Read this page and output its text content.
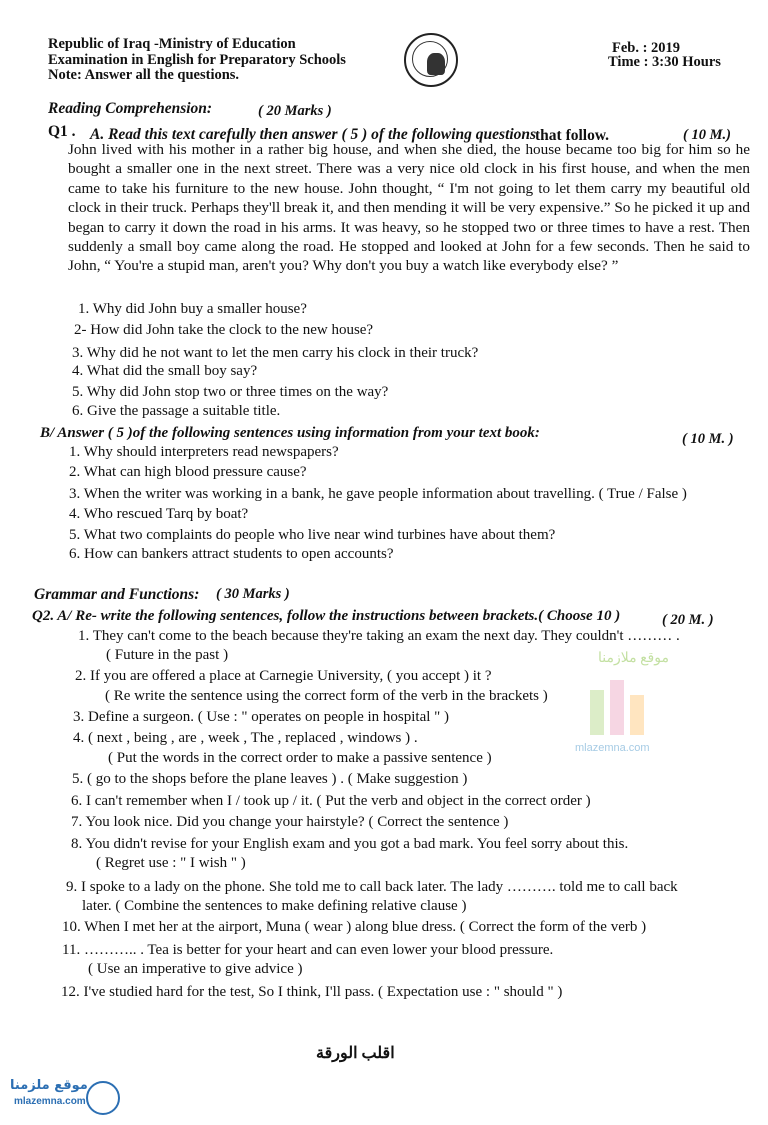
Republic of Iraq -Ministry of Education
Examination in English for Preparatory Schools
Note: Answer all the questions.
Feb. : 2019
Time : 3:30 Hours
Reading Comprehension:	( 20 Marks )
Q1 . A. Read this text carefully then answer ( 5 ) of the following questions
that follow.	( 10 M.)
John lived with his mother in a rather big house, and when she died, the house became too big for him so he bought a smaller one in the next street. There was a very nice old clock in his first house, and when the men came to take his furniture to the new house. John thought, “ I'm not going to let them carry my beautiful old clock in their truck. Perhaps they'll break it, and then mending it will be very expensive.” So he picked it up and began to carry it down the road in his arms. It was heavy, so he stopped two or three times to have a rest. Then suddenly a small boy came along the road. He stopped and looked at John for a few seconds. Then he said to John, “ You're a stupid man, aren't you? Why don't you buy a watch like everybody else? ”
1. Why did John buy a smaller house?
2- How did John take the clock to the new house?
3. Why did he not want to let the men carry his clock in their truck?
4. What did the small boy say?
5. Why did John stop two or three times on the way?
6. Give the passage a suitable title.
B/ Answer ( 5 )of the following sentences using information from your text book:	( 10 M. )
1. Why should interpreters read newspapers?
2. What can high blood pressure cause?
3. When the writer was working in a bank, he gave people information about travelling. ( True / False )
4. Who rescued Tarq by boat?
5. What two complaints do people who live near wind turbines have about them?
6. How can bankers attract students to open accounts?
Grammar and Functions: ( 30 Marks )
Q2. A/ Re- write the following sentences, follow the instructions between brackets.( Choose 10 )	( 20 M. )
1. They can't come to the beach because they're taking an exam the next day. They couldn't ……… .
( Future in the past )
2. If you are offered a place at Carnegie University, ( you accept ) it ?
( Re write the sentence using the correct form of the verb in the brackets )
3. Define a surgeon. ( Use : " operates on people in hospital " )
4. ( next , being , are , week , The , replaced , windows ) .
( Put the words in the correct order to make a passive sentence )
5. ( go to the shops before the plane leaves ) . ( Make suggestion )
6. I can't remember when I / took up / it. ( Put the verb and object in the correct order )
7. You look nice. Did you change your hairstyle? ( Correct the sentence )
8. You didn't revise for your English exam and you got a bad mark. You feel sorry about this.
( Regret use : " I wish " )
9. I spoke to a lady on the phone. She told me to call back later. The lady ………. told me to call back
later. ( Combine the sentences to make defining relative clause )
10. When I met her at the airport, Muna ( wear ) along blue dress. ( Correct the form of the verb )
11. ……….. . Tea is better for your heart and can even lower your blood pressure.
( Use an imperative to give advice )
12. I've studied hard for the test, So I think, I'll pass. ( Expectation use : " should " )
موقع ملازمنا
mlazemna.com
اقلب الورقة
موقع ملزمنا
mlazemna.com
